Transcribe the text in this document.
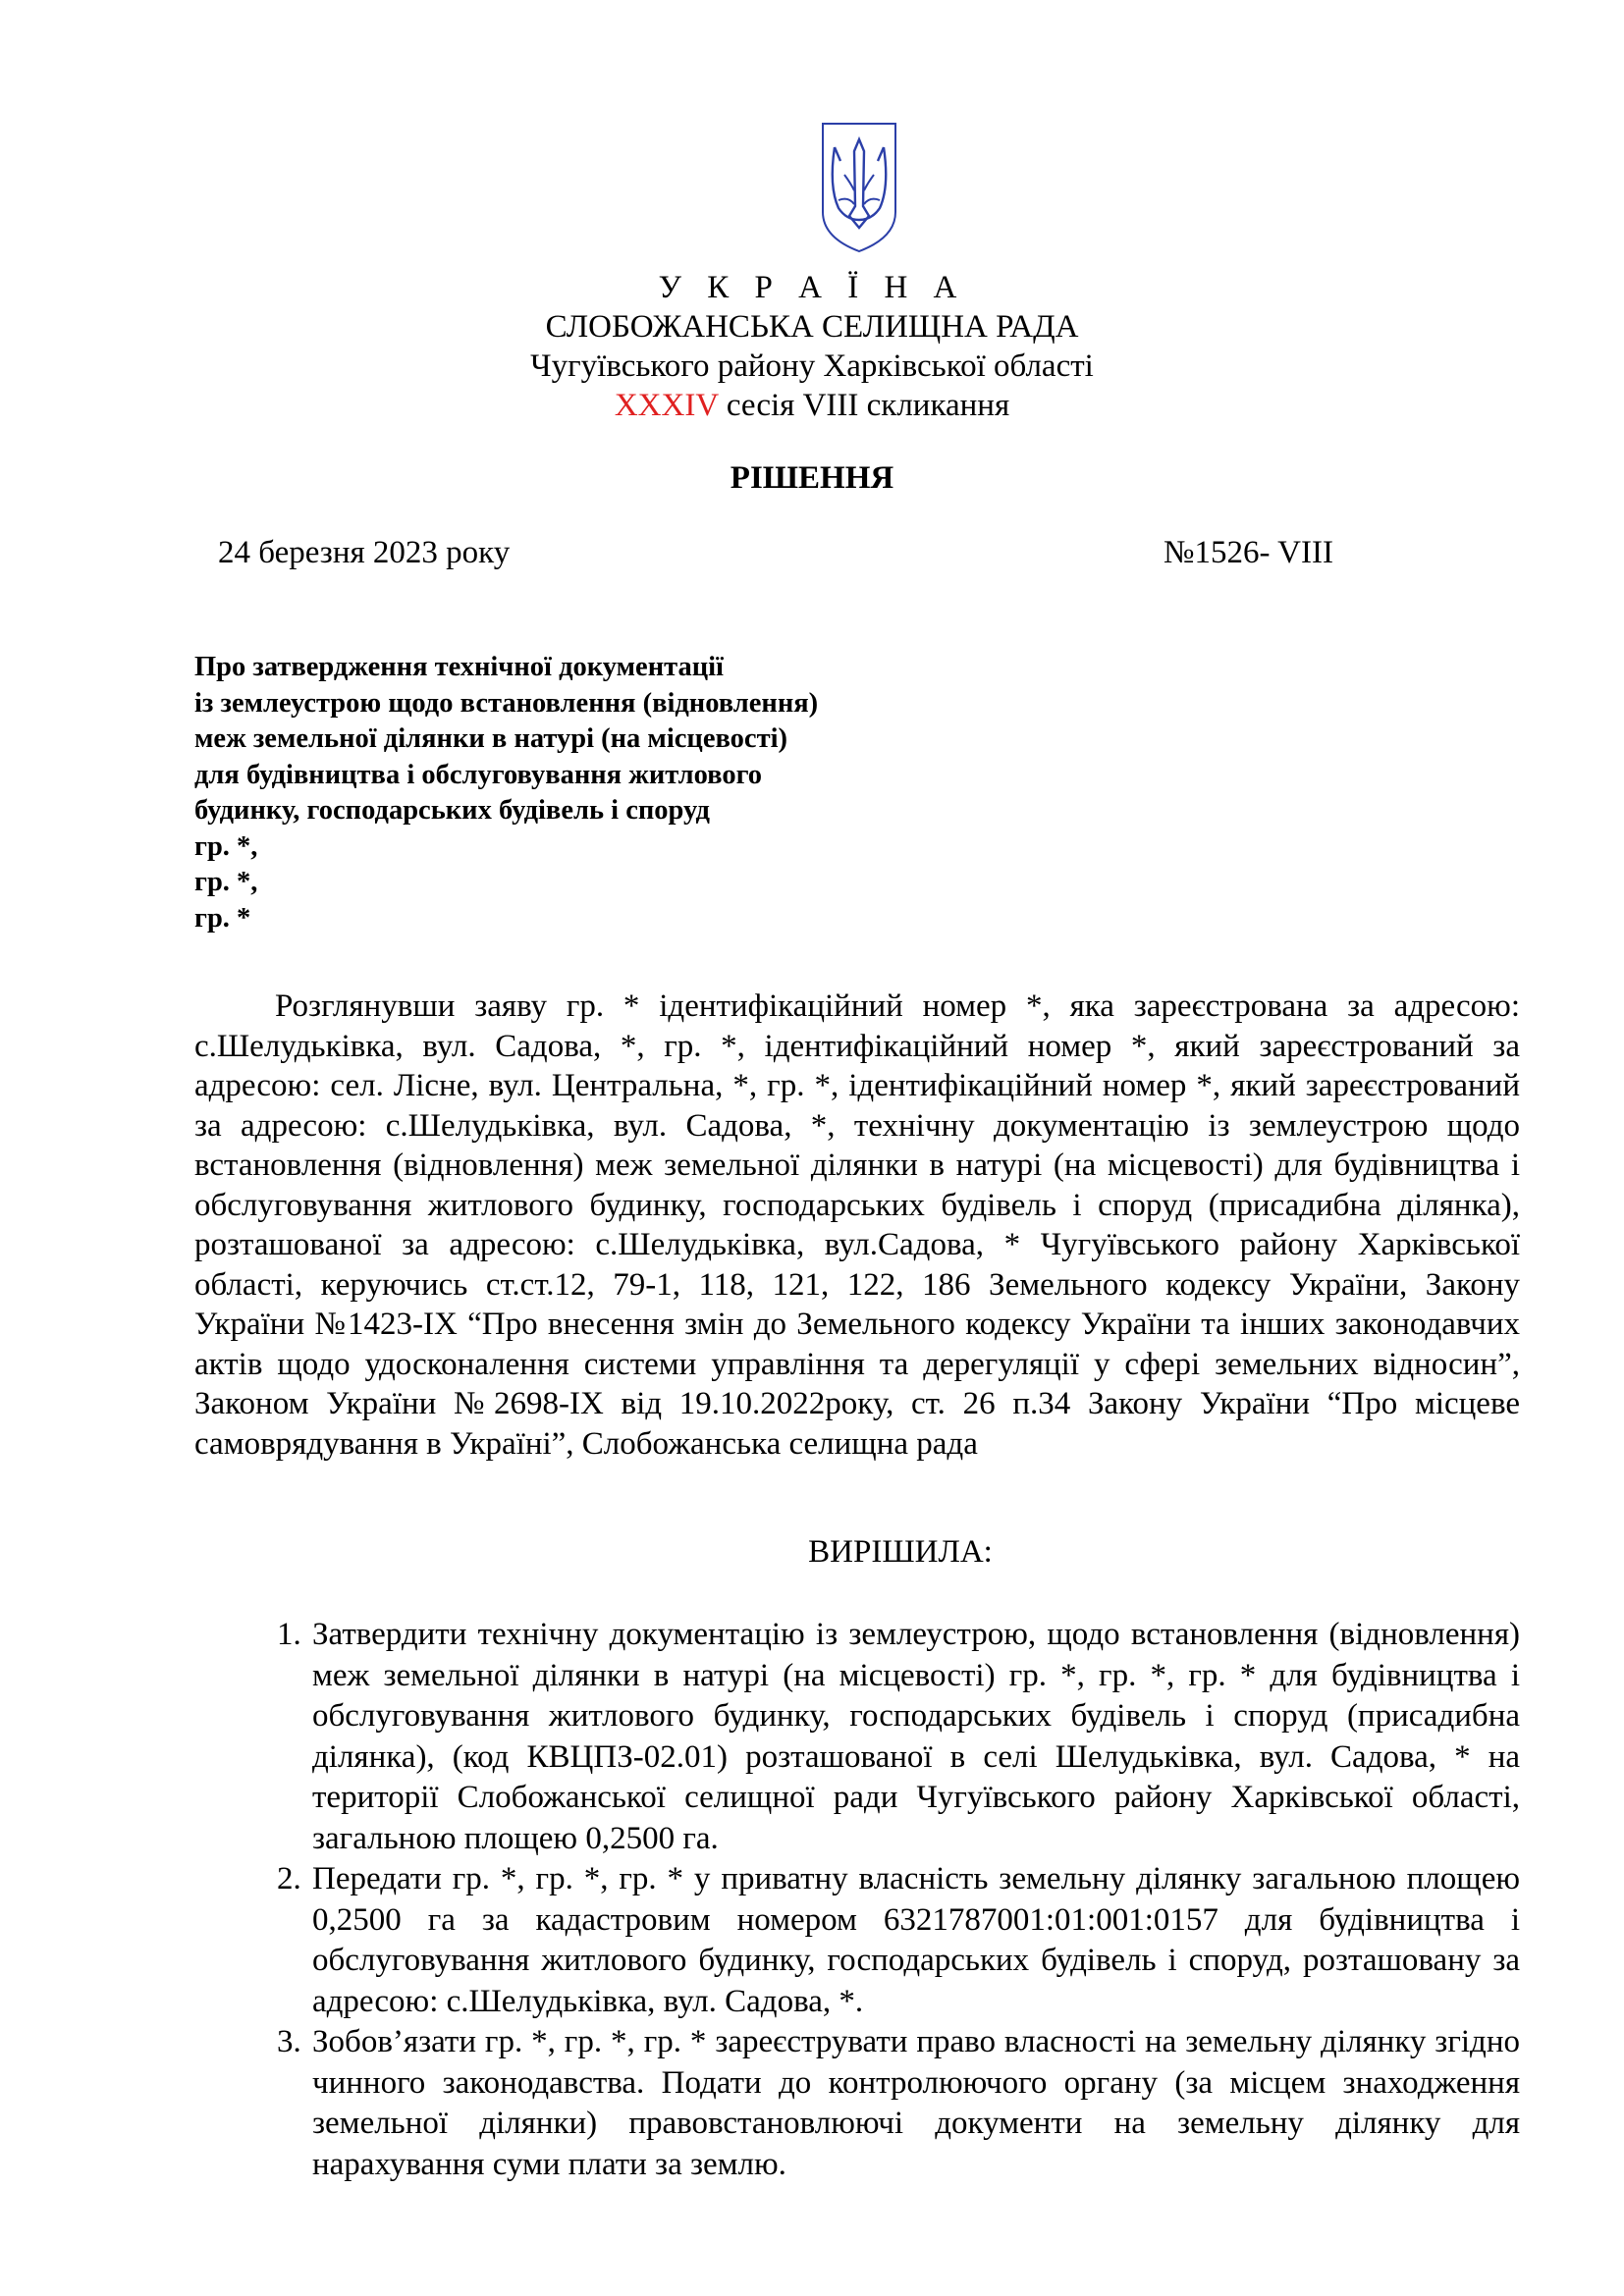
У К Р А Ї Н А
СЛОБОЖАНСЬКА СЕЛИЩНА РАДА
Чугуївського району Харківської області
XXXIV сесія VIII скликання
РІШЕННЯ
24 березня 2023 року	№1526- VIII
Про затвердження технічної документації
із землеустрою щодо встановлення (відновлення)
меж земельної ділянки в натурі (на місцевості)
для будівництва і обслуговування житлового
будинку, господарських будівель і споруд
гр. *,
гр. *,
гр. *

Розглянувши заяву гр. * ідентифікаційний номер *, яка зареєстрована за адресою: с.Шелудьківка, вул. Садова, *, гр. *, ідентифікаційний номер *, який зареєстрований за адресою: сел. Лісне, вул. Центральна, *, гр. *, ідентифікаційний номер *, який зареєстрований за адресою: с.Шелудьківка, вул. Садова, *, технічну документацію із землеустрою щодо встановлення (відновлення) меж земельної ділянки в натурі (на місцевості) для будівництва і обслуговування житлового будинку, господарських будівель і споруд (присадибна ділянка), розташованої за адресою: с.Шелудьківка, вул.Садова, * Чугуївського району Харківської області, керуючись ст.ст.12, 79-1, 118, 121, 122, 186 Земельного кодексу України, Закону України №1423-IX “Про внесення змін до Земельного кодексу України та інших законодавчих актів щодо удосконалення системи управління та дерегуляції у сфері земельних відносин”, Законом України №2698-IX від 19.10.2022року, ст. 26 п.34 Закону України “Про місцеве самоврядування в Україні”, Слобожанська селищна рада

ВИРІШИЛА:
1. Затвердити технічну документацію із землеустрою, щодо встановлення (відновлення) меж земельної ділянки в натурі (на місцевості) гр. *, гр. *, гр. * для будівництва і обслуговування житлового будинку, господарських будівель і споруд (присадибна ділянка), (код КВЦПЗ-02.01) розташованої в селі Шелудьківка, вул. Садова, * на території Слобожанської селищної ради Чугуївського району Харківської області, загальною площею 0,2500 га.
2. Передати гр. *, гр. *, гр. * у приватну власність земельну ділянку загальною площею 0,2500 га за кадастровим номером 6321787001:01:001:0157 для будівництва і обслуговування житлового будинку, господарських будівель і споруд, розташовану за адресою: с.Шелудьківка, вул. Садова, *.
3. Зобов’язати гр. *, гр. *, гр. * зареєструвати право власності на земельну ділянку згідно чинного законодавства. Подати до контролюючого органу (за місцем знаходження земельної ділянки) правовстановлюючі документи на земельну ділянку для нарахування суми плати за землю.
